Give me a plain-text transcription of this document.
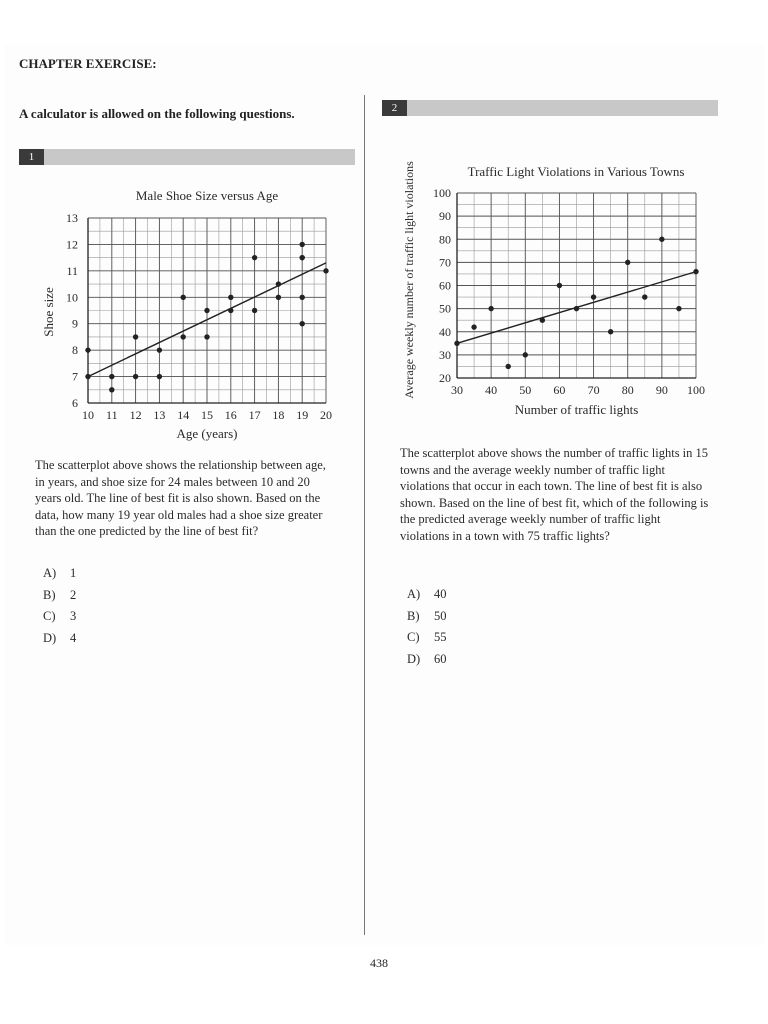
CHAPTER EXERCISE:
A calculator is allowed on the following questions.
1
2
10 11 12 13 14 15 16 17 18 19 20
6
7
8
9
10
11
12
13
Male Shoe Size versus Age
Age (years)
Shoe size
30 40 50 60 70 80 90 100
20
30
40
50
60
70
80
90
100
Traffic Light Violations in Various Towns
Number of traffic lights
Average weekly number of traffic light violations
The scatterplot above shows the relationship between age, in years, and shoe size for 24 males between 10 and 20 years old. The line of best fit is also shown. Based on the data, how many 19 year old males had a shoe size greater than the one predicted by the line of best fit?
A) 1
B) 2
C) 3
D) 4
The scatterplot above shows the number of traffic lights in 15 towns and the average weekly number of traffic light violations that occur in each town. The line of best fit is also shown. Based on the line of best fit, which of the following is the predicted average weekly number of traffic light violations in a town with 75 traffic lights?
A) 40
B) 50
C) 55
D) 60
438
